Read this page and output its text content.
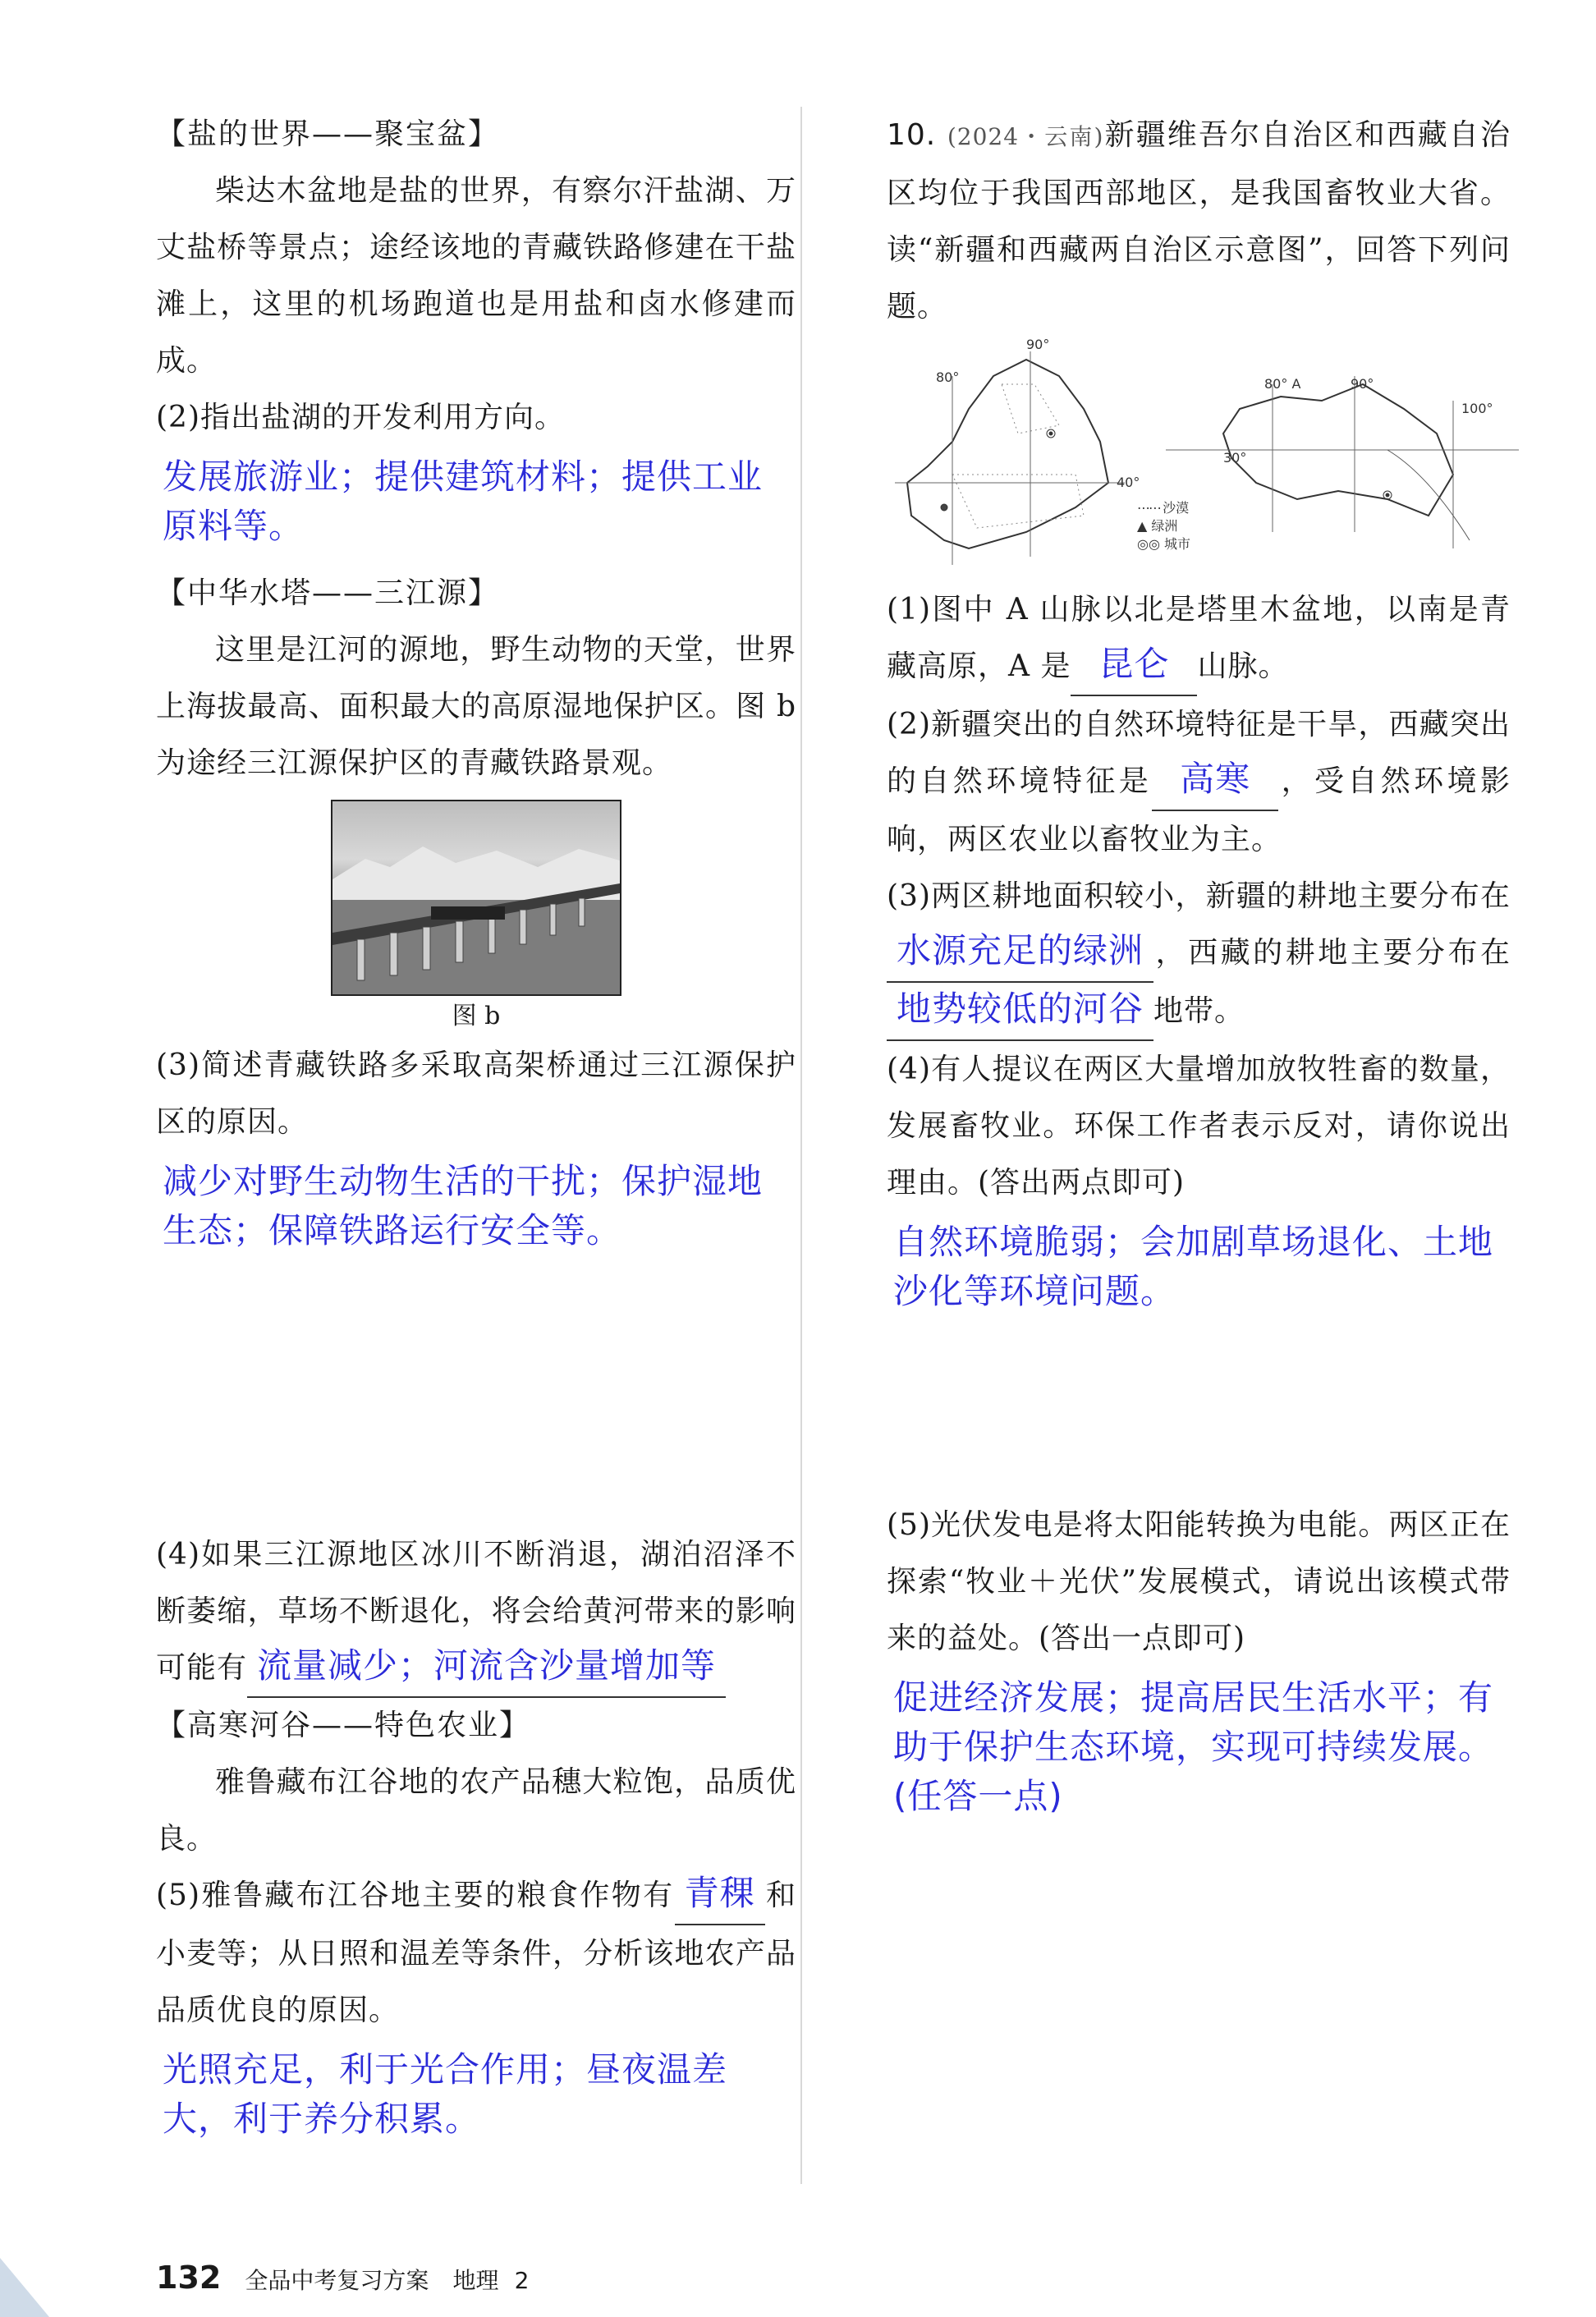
【盐的世界——聚宝盆】
柴达木盆地是盐的世界，有察尔汗盐湖、万丈盐桥等景点；途经该地的青藏铁路修建在干盐滩上，这里的机场跑道也是用盐和卤水修建而成。
(2)指出盐湖的开发利用方向。
发展旅游业；提供建筑材料；提供工业原料等。
【中华水塔——三江源】
这里是江河的源地，野生动物的天堂，世界上海拔最高、面积最大的高原湿地保护区。图 b 为途经三江源保护区的青藏铁路景观。
图 b
(3)简述青藏铁路多采取高架桥通过三江源保护区的原因。
减少对野生动物生活的干扰；保护湿地生态；保障铁路运行安全等。
(4)如果三江源地区冰川不断消退，湖泊沼泽不断萎缩，草场不断退化，将会给黄河带来的影响可能有 流量减少；河流含沙量增加等
【高寒河谷——特色农业】
雅鲁藏布江谷地的农产品穗大粒饱，品质优良。
(5)雅鲁藏布江谷地主要的粮食作物有 青稞 和小麦等；从日照和温差等条件，分析该地农产品品质优良的原因。
光照充足，利于光合作用；昼夜温差大，利于养分积累。
10. (2024・云南)新疆维吾尔自治区和西藏自治区均位于我国西部地区，是我国畜牧业大省。读“新疆和西藏两自治区示意图”，回答下列问题。
90°
80°
40°
80° A	90°
100°
30°
⋯⋯ 沙漠
▲ 绿洲
◎◎ 城市
(1)图中 A 山脉以北是塔里木盆地，以南是青藏高原，A 是 昆仑 山脉。
(2)新疆突出的自然环境特征是干旱，西藏突出的自然环境特征是 高寒 ，受自然环境影响，两区农业以畜牧业为主。
(3)两区耕地面积较小，新疆的耕地主要分布在水源充足的绿洲 ，西藏的耕地主要分布在地势较低的河谷 地带。
(4)有人提议在两区大量增加放牧牲畜的数量，发展畜牧业。环保工作者表示反对，请你说出理由。(答出两点即可)
自然环境脆弱；会加剧草场退化、土地沙化等环境问题。
(5)光伏发电是将太阳能转换为电能。两区正在探索“牧业＋光伏”发展模式，请说出该模式带来的益处。(答出一点即可)
促进经济发展；提高居民生活水平；有助于保护生态环境，实现可持续发展。(任答一点)
132 全品中考复习方案 地理 2
